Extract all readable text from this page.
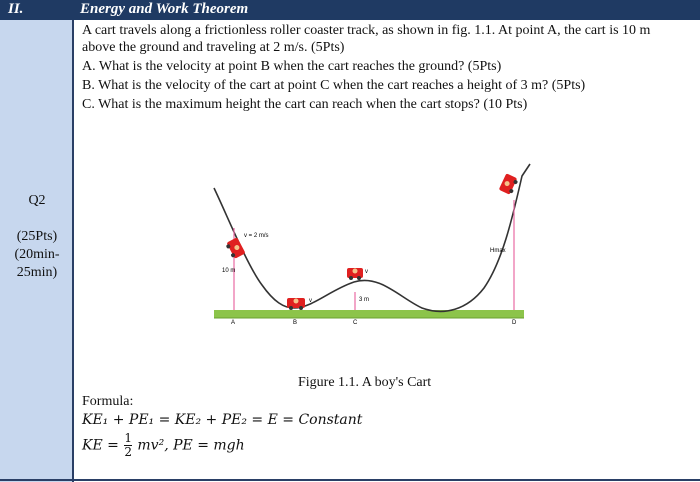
II.	Energy and Work Theorem
Q2
(25Pts)
(20min-
25min)
A cart travels along a frictionless roller coaster track, as shown in fig. 1.1. At point A, the cart is 10 m above the ground and traveling at 2 m/s. (5Pts)
A. What is the velocity at point B when the cart reaches the ground? (5Pts)
B. What is the velocity of the cart at point C when the cart reaches a height of 3 m? (5Pts)
C. What is the maximum height the cart can reach when the cart stops? (10 Pts)
v = 2 m/s
10 m
3 m
Hmax
v
v
A	B	C	D
Figure 1.1. A boy's Cart
Formula:
KE₁ + PE₁ = KE₂ + PE₂ = E = Constant
KE = $\frac{1}{2} mv^2$, PE = mgh
